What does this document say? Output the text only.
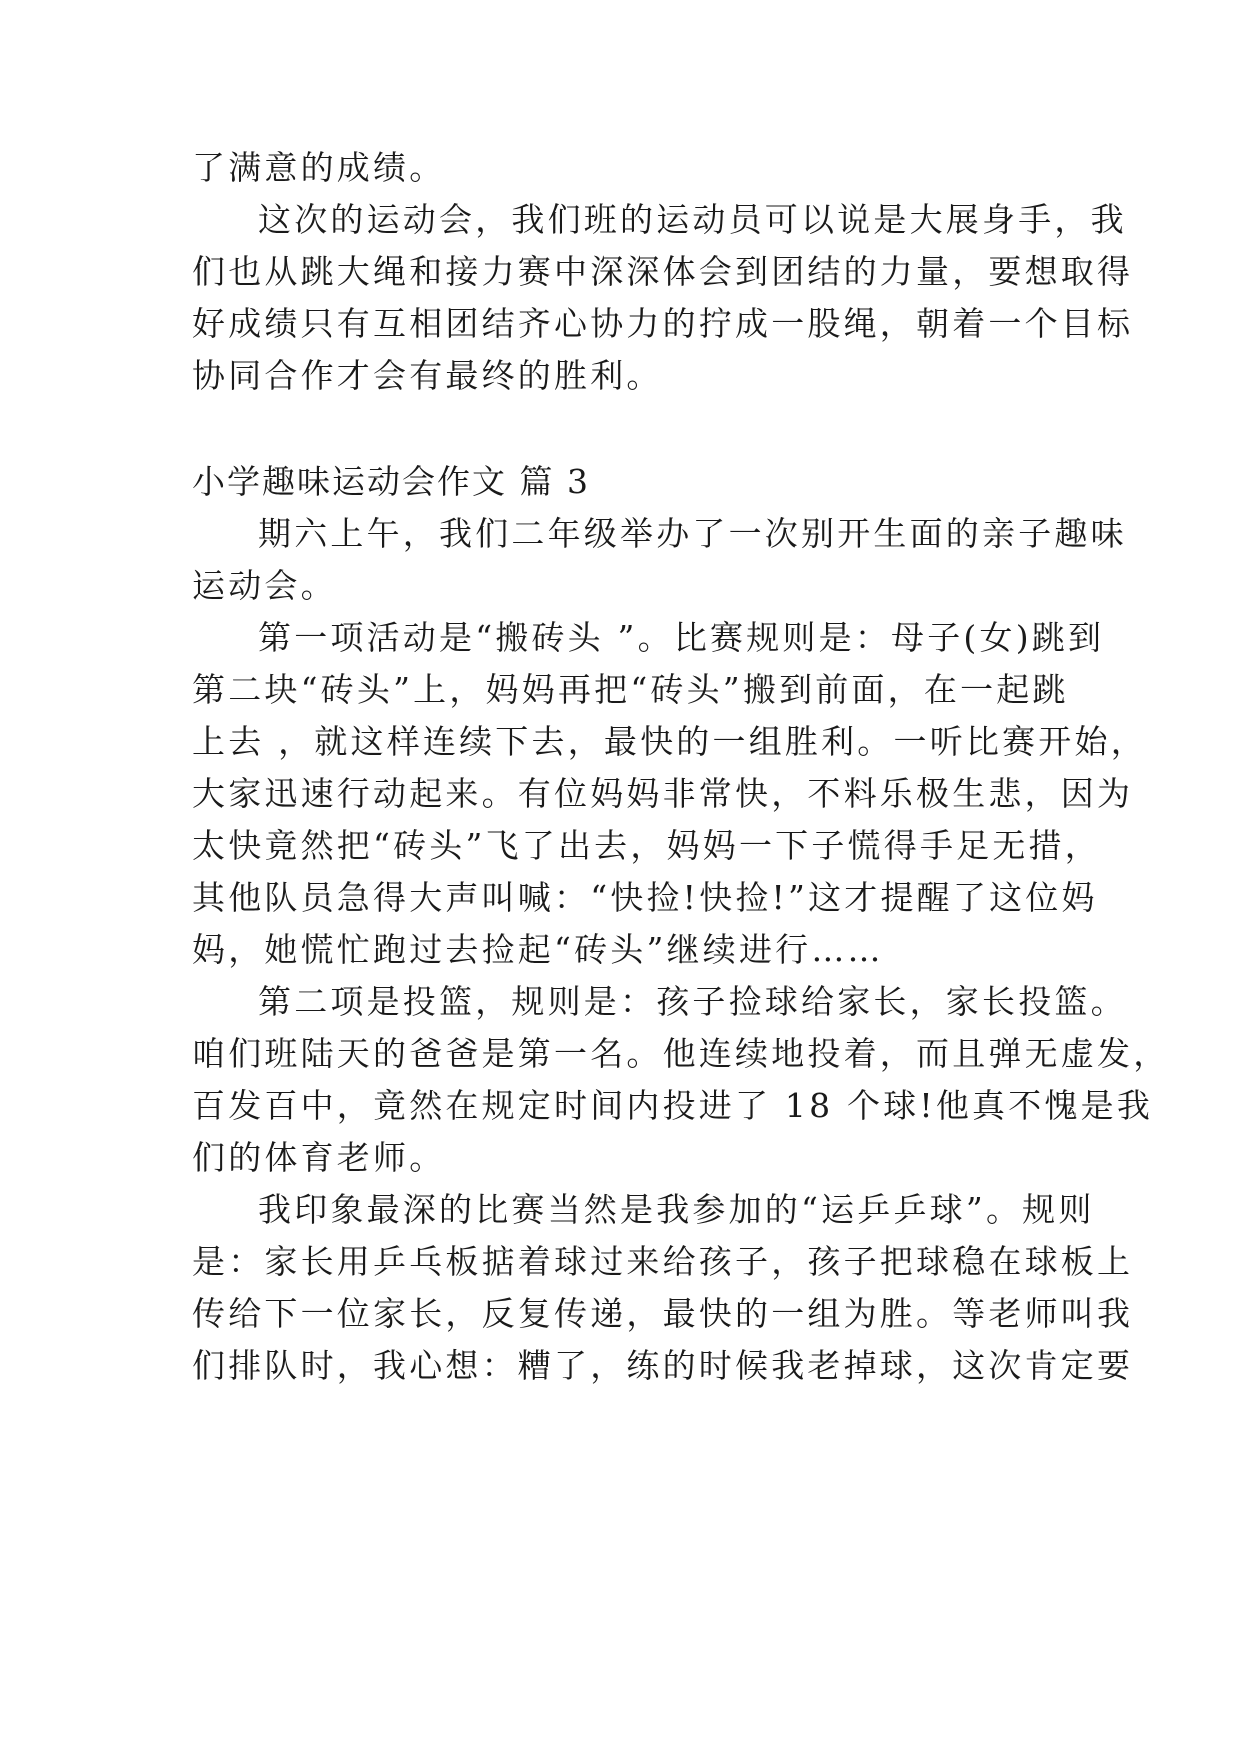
了满意的成绩。
这次的运动会，我们班的运动员可以说是大展身手，我
们也从跳大绳和接力赛中深深体会到团结的力量，要想取得
好成绩只有互相团结齐心协力的拧成一股绳，朝着一个目标
协同合作才会有最终的胜利。
小学趣味运动会作文 篇 3
期六上午，我们二年级举办了一次别开生面的亲子趣味
运动会。
第一项活动是“搬砖头 ”。比赛规则是：母子(女)跳到
第二块“砖头”上，妈妈再把“砖头”搬到前面，在一起跳
上去 ，就这样连续下去，最快的一组胜利。一听比赛开始，
大家迅速行动起来。有位妈妈非常快，不料乐极生悲，因为
太快竟然把“砖头”飞了出去，妈妈一下子慌得手足无措，
其他队员急得大声叫喊：“快捡!快捡!”这才提醒了这位妈
妈，她慌忙跑过去捡起“砖头”继续进行……
第二项是投篮，规则是：孩子捡球给家长，家长投篮。
咱们班陆天的爸爸是第一名。他连续地投着，而且弹无虚发，
百发百中，竟然在规定时间内投进了 18 个球!他真不愧是我
们的体育老师。
我印象最深的比赛当然是我参加的“运乒乒球”。规则
是：家长用乒乓板掂着球过来给孩子，孩子把球稳在球板上
传给下一位家长，反复传递，最快的一组为胜。等老师叫我
们排队时，我心想：糟了，练的时候我老掉球，这次肯定要
